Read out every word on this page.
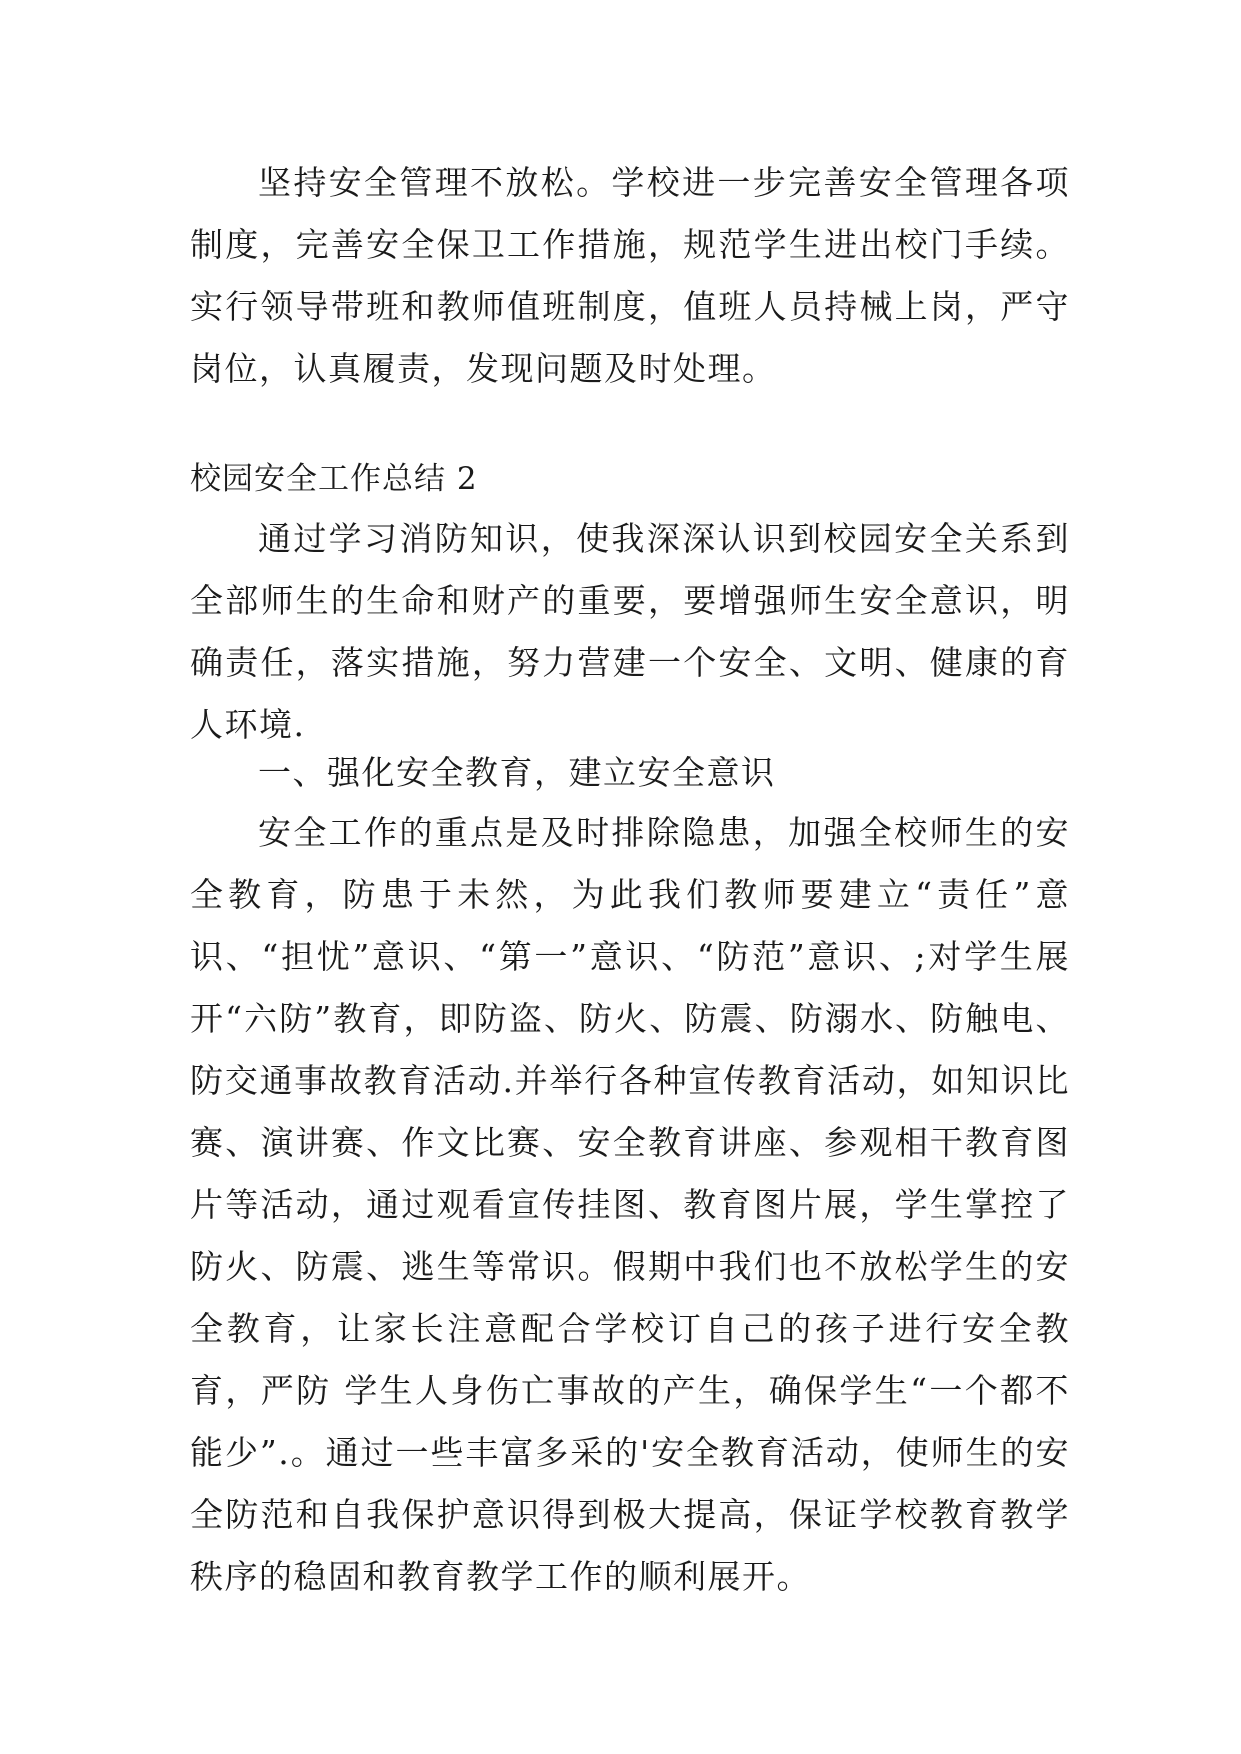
坚持安全管理不放松。学校进一步完善安全管理各项制度，完善安全保卫工作措施，规范学生进出校门手续。实行领导带班和教师值班制度，值班人员持械上岗，严守岗位，认真履责，发现问题及时处理。

校园安全工作总结 2

通过学习消防知识，使我深深认识到校园安全关系到全部师生的生命和财产的重要，要增强师生安全意识，明确责任，落实措施，努力营建一个安全、文明、健康的育人环境.

一、强化安全教育，建立安全意识

安全工作的重点是及时排除隐患，加强全校师生的安全教育，防患于未然，为此我们教师要建立“责任”意识、“担忧”意识、“第一”意识、“防范”意识、;对学生展开“六防”教育，即防盗、防火、防震、防溺水、防触电、防交通事故教育活动.并举行各种宣传教育活动，如知识比赛、演讲赛、作文比赛、安全教育讲座、参观相干教育图片等活动，通过观看宣传挂图、教育图片展，学生掌控了防火、防震、逃生等常识。假期中我们也不放松学生的安全教育，让家长注意配合学校订自己的孩子进行安全教育，严防 学生人身伤亡事故的产生，确保学生“一个都不能少”.。通过一些丰富多采的'安全教育活动，使师生的安全防范和自我保护意识得到极大提高，保证学校教育教学秩序的稳固和教育教学工作的顺利展开。
